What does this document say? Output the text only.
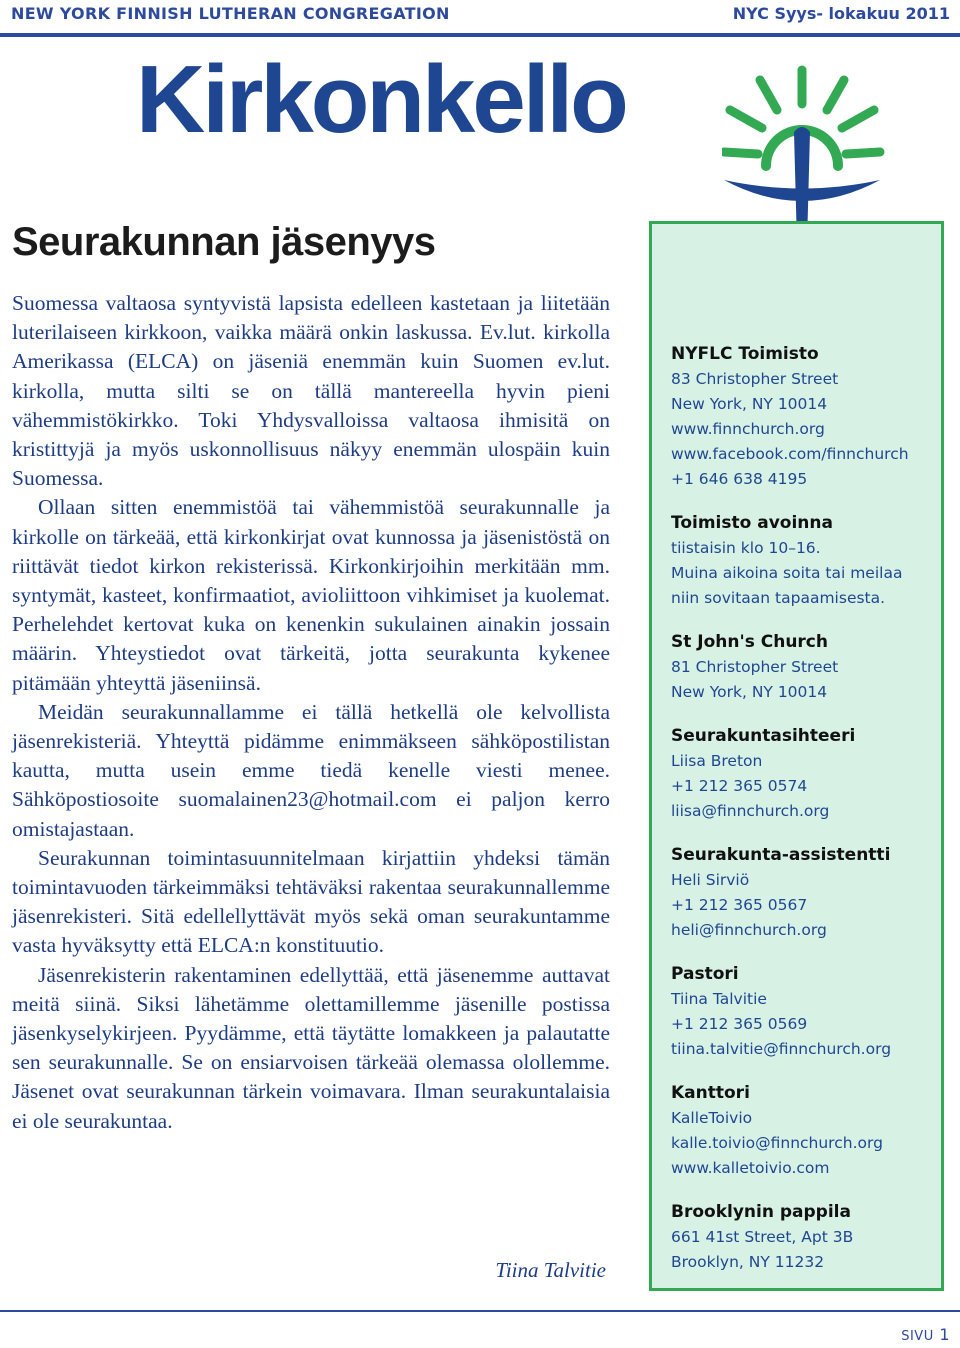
NEW YORK FINNISH LUTHERAN CONGREGATION	NYC Syys- lokakuu 2011
Kirkonkello
Seurakunnan jäsenyys

Suomessa valtaosa syntyvistä lapsista edelleen kastetaan ja liitetään luterilaiseen kirkkoon, vaikka määrä onkin laskussa. Ev.lut. kirkolla Amerikassa (ELCA) on jäseniä enemmän kuin Suomen ev.lut. kirkolla, mutta silti se on tällä mantereella hyvin pieni vähemmistökirkko. Toki Yhdysvalloissa valtaosa ihmisitä on kristittyjä ja myös uskonnollisuus näkyy enemmän ulospäin kuin Suomessa.

Ollaan sitten enemmistöä tai vähemmistöä seurakunnalle ja kirkolle on tärkeää, että kirkonkirjat ovat kunnossa ja jäsenistöstä on riittävät tiedot kirkon rekisterissä. Kirkonkirjoihin merkitään mm. syntymät, kasteet, konfirmaatiot, avioliittoon vihkimiset ja kuolemat. Perhelehdet kertovat kuka on kenenkin sukulainen ainakin jossain määrin. Yhteystiedot ovat tärkeitä, jotta seurakunta kykenee pitämään yhteyttä jäseniinsä.

Meidän seurakunnallamme ei tällä hetkellä ole kelvollista jäsenrekisteriä. Yhteyttä pidämme enimmäkseen sähköpostilistan kautta, mutta usein emme tiedä kenelle viesti menee. Sähköpostiosoite suomalainen23@hotmail.com ei paljon kerro omistajastaan.

Seurakunnan toimintasuunnitelmaan kirjattiin yhdeksi tämän toimintavuoden tärkeimmäksi tehtäväksi rakentaa seurakunnallemme jäsenrekisteri. Sitä edellellyttävät myös sekä oman seurakuntamme vasta hyväksytty että ELCA:n konstituutio.

Jäsenrekisterin rakentaminen edellyttää, että jäsenemme auttavat meitä siinä. Siksi lähetämme olettamillemme jäsenille postissa jäsenkyselykirjeen. Pyydämme, että täytätte lomakkeen ja palautatte sen seurakunnalle. Se on ensiarvoisen tärkeää olemassa olollemme. Jäsenet ovat seurakunnan tärkein voimavara. Ilman seurakuntalaisia ei ole seurakuntaa.

Tiina Talvitie
NYFLC Toimisto
83 Christopher Street
New York, NY 10014
www.finnchurch.org
www.facebook.com/finnchurch
+1 646 638 4195
Toimisto avoinna
tiistaisin klo 10–16.
Muina aikoina soita tai meilaa
niin sovitaan tapaamisesta.
St John's Church
81 Christopher Street
New York, NY 10014
Seurakuntasihteeri
Liisa Breton
+1 212 365 0574
liisa@finnchurch.org
Seurakunta-assistentti
Heli Sirviö
+1 212 365 0567
heli@finnchurch.org
Pastori
Tiina Talvitie
+1 212 365 0569
tiina.talvitie@finnchurch.org
Kanttori
KalleToivio
kalle.toivio@finnchurch.org
www.kalletoivio.com
Brooklynin pappila
661 41st Street, Apt 3B
Brooklyn, NY 11232
SIVU 1
